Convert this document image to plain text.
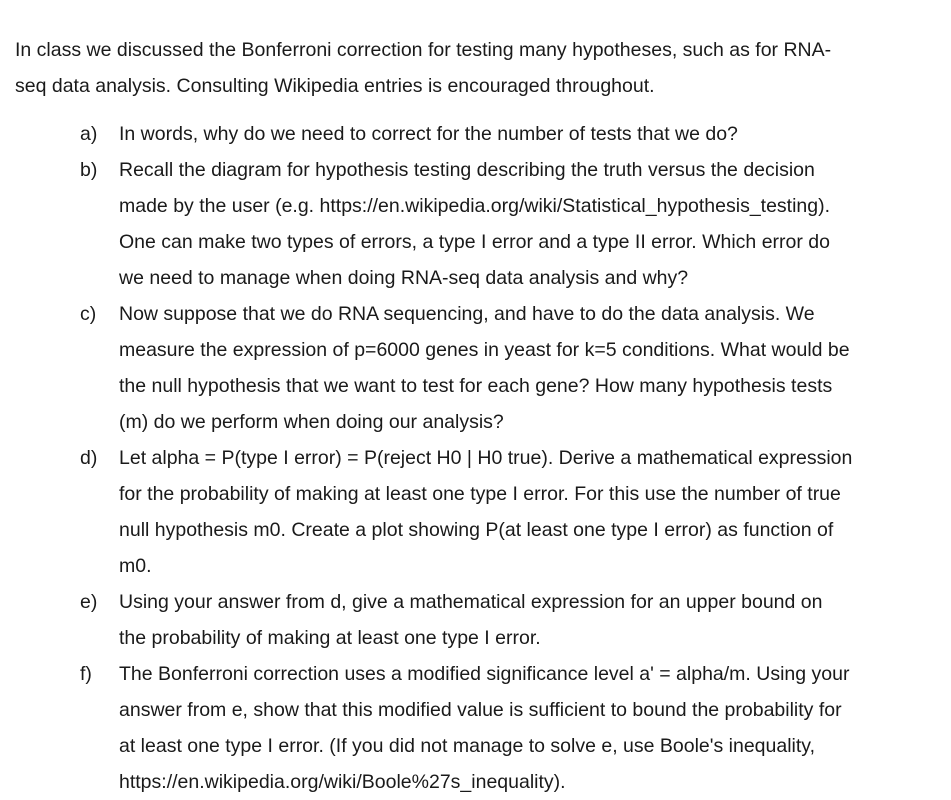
In class we discussed the Bonferroni correction for testing many hypotheses, such as for RNA-
seq data analysis. Consulting Wikipedia entries is encouraged throughout.
a)	In words, why do we need to correct for the number of tests that we do?
b)	Recall the diagram for hypothesis testing describing the truth versus the decision
made by the user (e.g. https://en.wikipedia.org/wiki/Statistical_hypothesis_testing).
One can make two types of errors, a type I error and a type II error. Which error do
we need to manage when doing RNA-seq data analysis and why?
c)	Now suppose that we do RNA sequencing, and have to do the data analysis. We
measure the expression of p=6000 genes in yeast for k=5 conditions. What would be
the null hypothesis that we want to test for each gene? How many hypothesis tests
(m) do we perform when doing our analysis?
d)	Let alpha = P(type I error) = P(reject H0 | H0 true). Derive a mathematical expression
for the probability of making at least one type I error. For this use the number of true
null hypothesis m0. Create a plot showing P(at least one type I error) as function of
m0.
e)	Using your answer from d, give a mathematical expression for an upper bound on
the probability of making at least one type I error.
f)	The Bonferroni correction uses a modified significance level a' = alpha/m. Using your
answer from e, show that this modified value is sufficient to bound the probability for
at least one type I error. (If you did not manage to solve e, use Boole's inequality,
https://en.wikipedia.org/wiki/Boole%27s_inequality).
